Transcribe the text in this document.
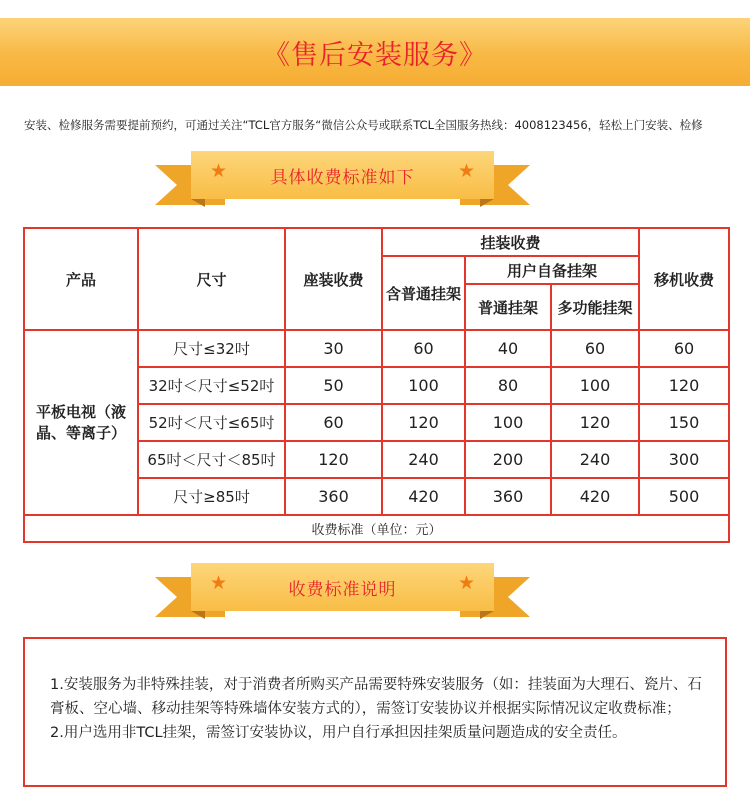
《售后安装服务》
安装、检修服务需要提前预约，可通过关注“TCL官方服务“微信公众号或联系TCL全国服务热线：4008123456，轻松上门安装、检修
具体收费标准如下
★	★
产品	尺寸	座装收费	挂装收费			移机收费
			含普通挂架	用户自备挂架		
				普通挂架	多功能挂架	
平板电视（液晶、等离子）	尺寸≤32吋	30	60	40	60	60
	32吋＜尺寸≤52吋	50	100	80	100	120
	52吋＜尺寸≤65吋	60	120	100	120	150
	65吋＜尺寸＜85吋	120	240	200	240	300
	尺寸≥85吋	360	420	360	420	500
收费标准（单位：元）						
收费标准说明
★	★

1.安装服务为非特殊挂装，对于消费者所购买产品需要特殊安装服务（如：挂装面为大理石、瓷片、石膏板、空心墙、移动挂架等特殊墙体安装方式的），需签订安装协议并根据实际情况议定收费标准；

2.用户选用非TCL挂架，需签订安装协议，用户自行承担因挂架质量问题造成的安全责任。
